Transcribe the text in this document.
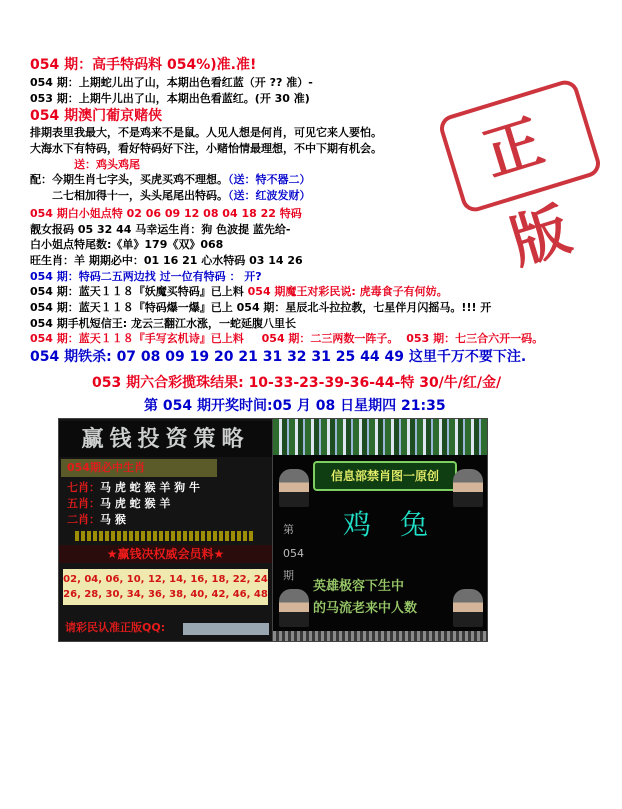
054 期：高手特码料 054%)准.准!
054 期：上期蛇儿出了山，本期出色看红蓝（开 ?? 准）-
053 期：上期牛儿出了山，本期出色看蓝红。(开 30 准)
054 期澳门葡京赌侠
排期表里我最大，不是鸡来不是鼠。人见人想是何肖，可见它来人要怕。
大海水下有特码，看好特码好下注，小赌怡情最理想，不中下期有机会。
送：鸡头鸡尾
配：今期生肖七字头，买虎买鸡不理想。（送：特不器二）
二七相加得十一，头头尾尾出特码。（送：红波发财）
054 期白小姐点特 02 06 09 12 08 04 18 22 特码
靓女报码 05 32 44 马幸运生肖：狗 色波提 蓝先给-
白小姐点特尾数:《单》179《双》068
旺生肖：羊 期期必中：01 16 21 心水特码 03 14 26
054 期：特码二五两边找 过一位有特码 ： 开?
054 期：蓝天１１８『妖魔买特码』已上料 054 期魔王对彩民说: 虎毒食子有何妨。
054 期：蓝天１１８『特码爆一爆』已上 054 期：星辰北斗拉拉教，七星伴月闪摇马。!!! 开
054 期手机短信王: 龙云三翻江水涨，一蛇延腹八里长
054 期：蓝天１１８『手写玄机诗』已上料 054 期：二三两数一阵子。 053 期：七三合六开一码。
054 期铁杀: 07 08 09 19 20 21 31 32 31 25 44 49 这里千万不要下注.
053 期六合彩揽珠结果: 10-33-23-39-36-44-特 30/牛/红/金/
第 054 期开奖时间:05 月 08 日星期四 21:35
正版
赢钱投资策略
054期必中生肖
七肖：马 虎 蛇 猴 羊 狗 牛
五肖：马 虎 蛇 猴 羊
二肖：马 猴
★赢钱决权威会员料★
02, 04, 06, 10, 12, 14, 16, 18, 22, 24
26, 28, 30, 34, 36, 38, 40, 42, 46, 48
请彩民认准正版QQ:
信息部禁肖图一原创
第
054
期
鸡 兔
英雄极容下生中
的马流老来中人数
